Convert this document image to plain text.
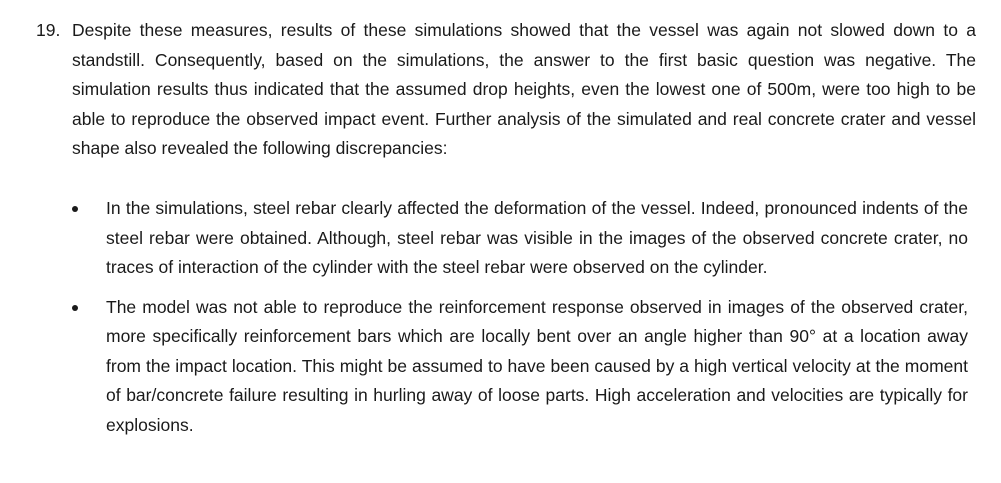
19. Despite these measures, results of these simulations showed that the vessel was again not slowed down to a standstill. Consequently, based on the simulations, the answer to the first basic question was negative. The simulation results thus indicated that the assumed drop heights, even the lowest one of 500m, were too high to be able to reproduce the observed impact event. Further analysis of the simulated and real concrete crater and vessel shape also revealed the following discrepancies:
In the simulations, steel rebar clearly affected the deformation of the vessel. Indeed, pronounced indents of the steel rebar were obtained. Although, steel rebar was visible in the images of the observed concrete crater, no traces of interaction of the cylinder with the steel rebar were observed on the cylinder.
The model was not able to reproduce the reinforcement response observed in images of the observed crater, more specifically reinforcement bars which are locally bent over an angle higher than 90° at a location away from the impact location. This might be assumed to have been caused by a high vertical velocity at the moment of bar/concrete failure resulting in hurling away of loose parts. High acceleration and velocities are typically for explosions.
